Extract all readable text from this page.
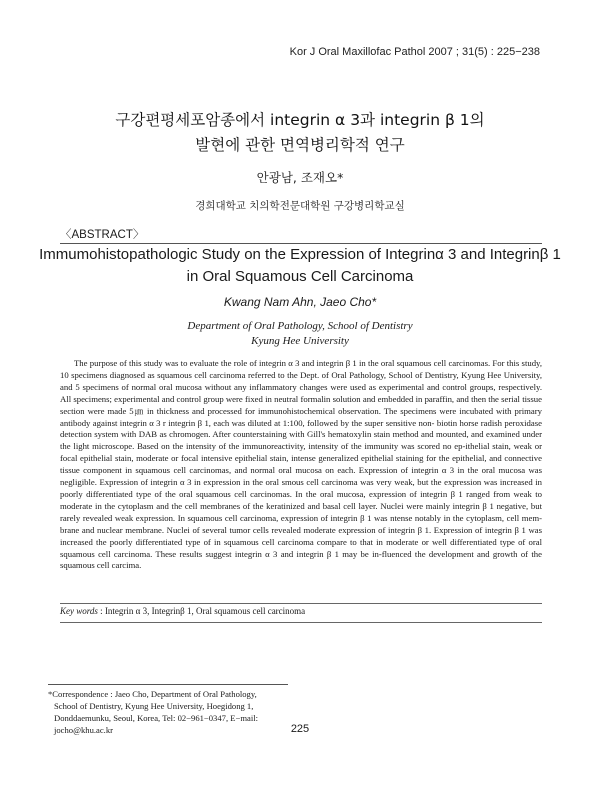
Kor J Oral Maxillofac Pathol 2007 ; 31(5) : 225−238
구강편평세포암종에서 integrin α 3과 integrin β 1의
발현에 관한 면역병리학적 연구
안광남, 조재오*
경희대학교 치의학전문대학원 구강병리학교실
〈ABSTRACT〉
Immumohistopathologic Study on the Expression of Integrinα 3 and Integrinβ 1
in Oral Squamous Cell Carcinoma
Kwang Nam Ahn, Jaeo Cho*
Department of Oral Pathology, School of Dentistry
Kyung Hee University

The purpose of this study was to evaluate the role of integrin α 3 and integrin β 1 in the oral squamous cell carcinomas. For this study, 10 specimens diagnosed as squamous cell carcinoma referred to the Dept. of Oral Pathology, School of Dentistry, Kyung Hee University, and 5 specimens of normal oral mucosa without any inflammatory changes were used as experimental and control groups, respectively. All specimens; experimental and control group were fixed in neutral formalin solution and embedded in paraffin, and then the serial tissue section were made 5㎛ in thickness and processed for immunohistochemical observation. The specimens were incubated with primary antibody against integrin α 3 r integrin β 1, each was diluted at 1:100, followed by the super sensitive non- biotin horse radish peroxidase detection system with DAB as chromogen. After counterstaining with Gill's hematoxylin stain method and mounted, and examined under the light microscope. Based on the intensity of the immunoreactivity, intensity of the immunity was scored no ep-ithelial stain, weak or focal epithelial stain, moderate or focal intensive epithelial stain, intense generalized epithelial staining for the epithelial, and connective tissue component in squamous cell carcinomas, and normal oral mucosa on each. Expression of integrin α 3 in the oral mucosa was negligible. Expression of integrin α 3 in expression in the oral smous cell carcinoma was very weak, but the expression was increased in poorly differentiated type of the oral squamous cell carcinomas. In the oral mucosa, expression of integrin β 1 ranged from weak to moderate in the cytoplasm and the cell membranes of the keratinized and basal cell layer. Nuclei were mainly integrin β 1 negative, but rarely revealed weak expression. In squamous cell carcinoma, expression of integrin β 1 was ntense notably in the cytoplasm, cell mem-brane and nuclear membrane. Nuclei of several tumor cells revealed moderate expression of integrin β 1. Expression of integrin β 1 was increased the poorly differentiated type of in squamous cell carcinoma compare to that in moderate or well differentiated type of oral squamous cell carcinoma. These results suggest integrin α 3 and integrin β 1 may be in-fluenced the development and growth of the squamous cell carcima.

Key words : Integrin α 3, Integrinβ 1, Oral squamous cell carcinoma
*Correspondence : Jaeo Cho, Department of Oral Pathology,
School of Dentistry, Kyung Hee University, Hoegidong 1,
Donddaemunku, Seoul, Korea, Tel: 02−961−0347, E−mail:
jocho@khu.ac.kr	225
